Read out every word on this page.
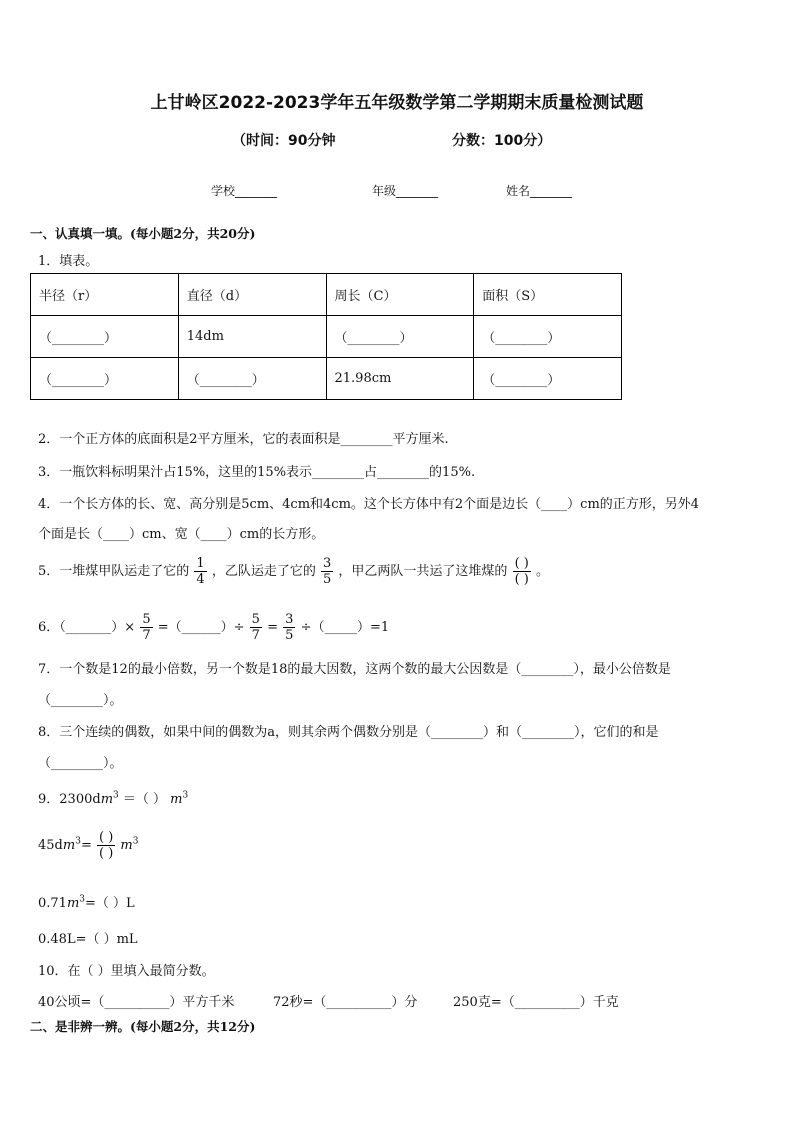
上甘岭区2022-2023学年五年级数学第二学期期末质量检测试题
（时间：90分钟	分数：100分）
学校_______	年级_______	姓名_______
一、认真填一填。(每小题2分，共20分)
1．填表。
半径（r）	直径（d）	周长（C）	面积（S）
（________）	14dm	（________）	（________）
（________）	（________）	21.98cm	（________）
2．一个正方体的底面积是2平方厘米，它的表面积是________平方厘米.
3．一瓶饮料标明果汁占15%，这里的15%表示________占________的15%.
4．一个长方体的长、宽、高分别是5cm、4cm和4cm。这个长方体中有2个面是边长（____）cm的正方形，另外4
个面是长（____）cm、宽（____）cm的长方形。
5．一堆煤甲队运走了它的 $\frac{1}{4}$ ，乙队运走了它的 $\frac{3}{5}$ ，甲乙两队一共运了这堆煤的 $\frac{( )}{( )}$ 。
6．（_______）× $\frac{5}{7}$ =（______）÷ $\frac{5}{7} = \frac{3}{5}$ ÷（_____）=1
7．一个数是12的最小倍数，另一个数是18的最大因数，这两个数的最大公因数是（________），最小公倍数是
（________）。
8．三个连续的偶数，如果中间的偶数为a，则其余两个偶数分别是（________）和（________），它们的和是
（________）。
9．$2300dm^3$ ＝（ ） $m^3$
$45dm^3= \frac{( )}{( )} m^3$
$0.71m^3=$（ ）L
0.48L=（ ）mL
10．在（ ）里填入最简分数。
40公顷=（__________）平方千米	72秒=（__________）分	250克=（__________）千克
二、是非辨一辨。(每小题2分，共12分)
